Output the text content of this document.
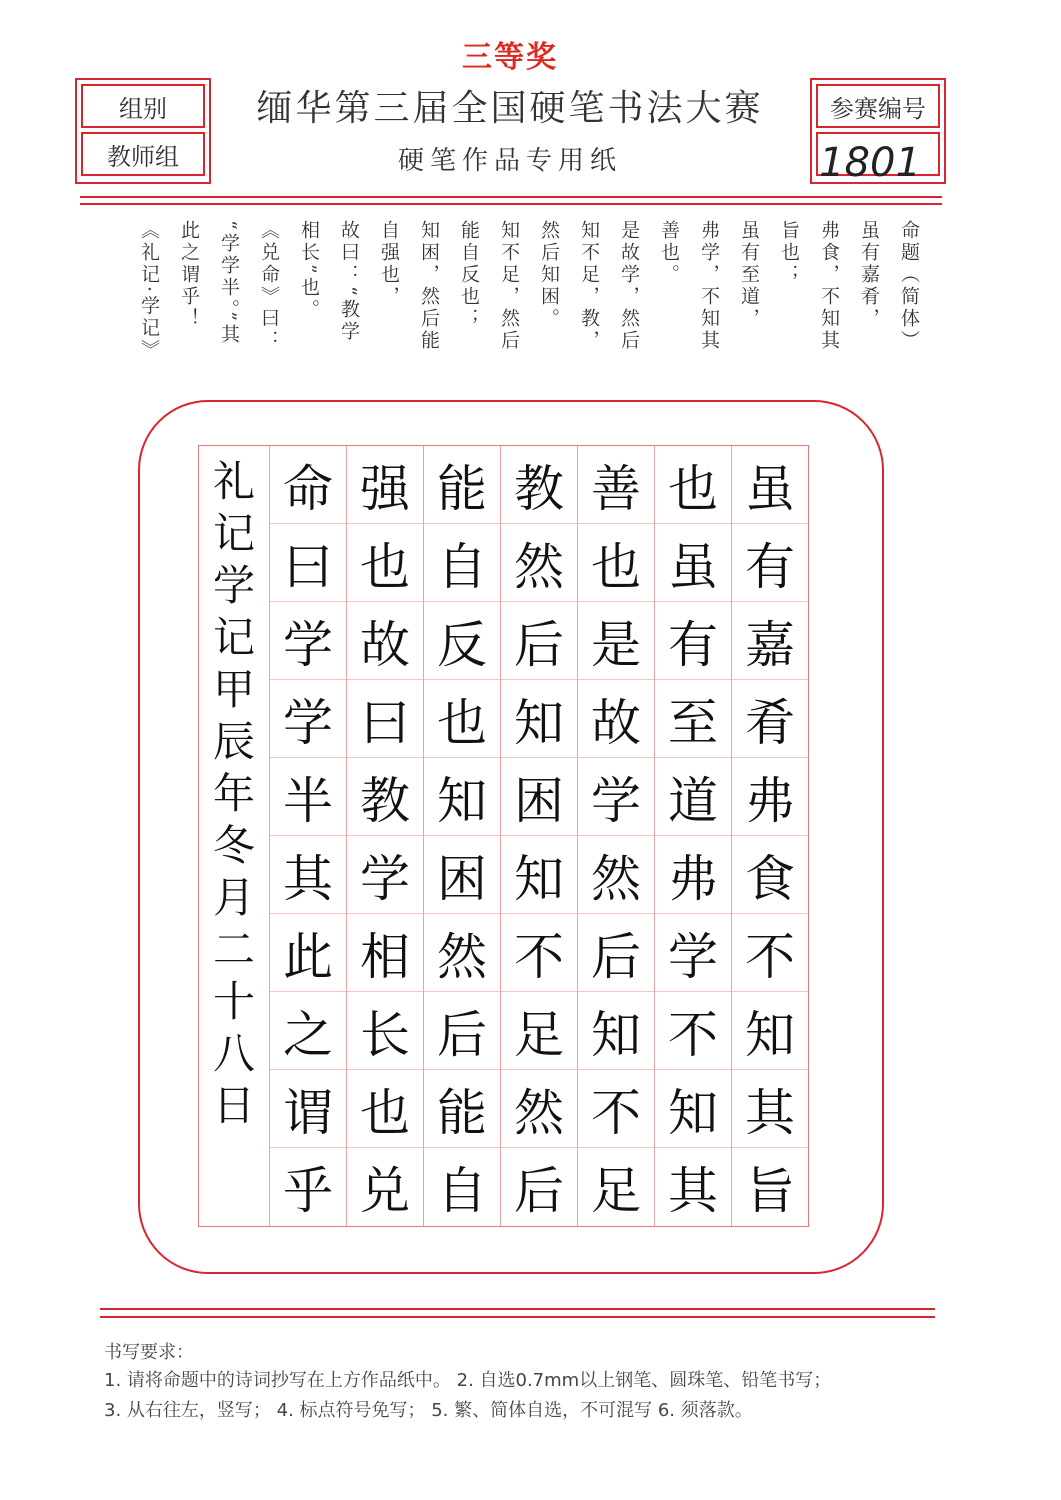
三等奖
组别
教师组
缅华第三届全国硬笔书法大赛
硬笔作品专用纸
参赛编号
1801
命题（简体）
虽有嘉肴，
弗食，不知其
旨也；
虽有至道，
弗学，不知其
善也。
是故学，然后
知不足，教，
然后知困。
知不足，然后
能自反也；
知困，然后能
自强也，
故曰：“教学
相长”也。
《兑命》曰：
“学学半。”其
此之谓乎！
《礼记·学记》
虽
有
嘉
肴
弗
食
不
知
其
旨
也
虽
有
至
道
弗
学
不
知
其
善
也
是
故
学
然
后
知
不
足
教
然
后
知
困
知
不
足
然
后
能
自
反
也
知
困
然
后
能
自
强
也
故
曰
教
学
相
长
也
兑
命
曰
学
学
半
其
此
之
谓
乎
礼
记
学
记
甲
辰
年
冬
月
二
十
八
日
书写要求：
1. 请将命题中的诗词抄写在上方作品纸中。 2. 自选0.7mm以上钢笔、圆珠笔、铅笔书写；
3. 从右往左，竖写； 4. 标点符号免写； 5. 繁、简体自选，不可混写 6. 须落款。
